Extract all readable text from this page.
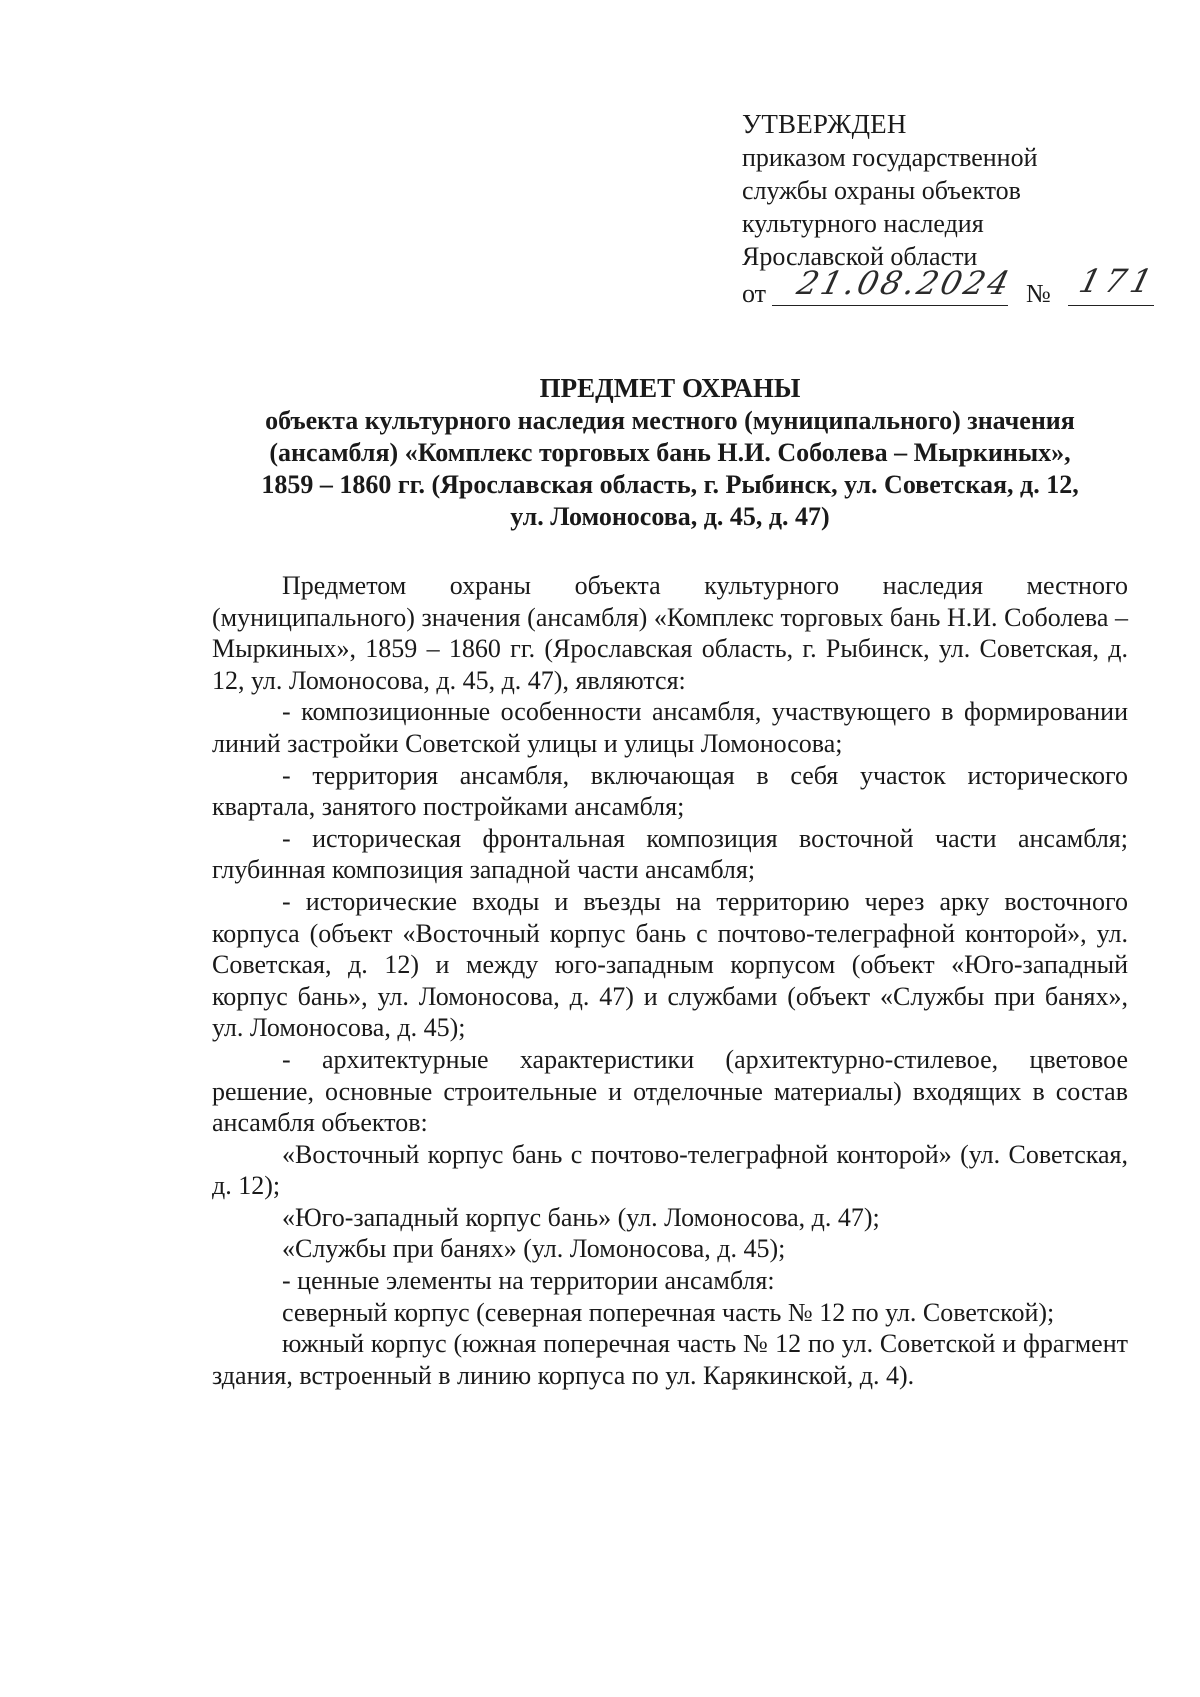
УТВЕРЖДЕН
приказом государственной
службы охраны объектов
культурного наследия
Ярославской области
от 21.08.2024 № 171
ПРЕДМЕТ ОХРАНЫ
объекта культурного наследия местного (муниципального) значения
(ансамбля) «Комплекс торговых бань Н.И. Соболева – Мыркиных»,
1859 – 1860 гг. (Ярославская область, г. Рыбинск, ул. Советская, д. 12,
ул. Ломоносова, д. 45, д. 47)

Предметом охраны объекта культурного наследия местного (муниципального) значения (ансамбля) «Комплекс торговых бань Н.И. Соболева – Мыркиных», 1859 – 1860 гг. (Ярославская область, г. Рыбинск, ул. Советская, д. 12, ул. Ломоносова, д. 45, д. 47), являются:

- композиционные особенности ансамбля, участвующего в формировании линий застройки Советской улицы и улицы Ломоносова;

- территория ансамбля, включающая в себя участок исторического квартала, занятого постройками ансамбля;

- историческая фронтальная композиция восточной части ансамбля; глубинная композиция западной части ансамбля;

- исторические входы и въезды на территорию через арку восточного корпуса (объект «Восточный корпус бань с почтово-телеграфной конторой», ул. Советская, д. 12) и между юго-западным корпусом (объект «Юго-западный корпус бань», ул. Ломоносова, д. 47) и службами (объект «Службы при банях», ул. Ломоносова, д. 45);

- архитектурные характеристики (архитектурно-стилевое, цветовое решение, основные строительные и отделочные материалы) входящих в состав ансамбля объектов:

«Восточный корпус бань с почтово-телеграфной конторой» (ул. Советская, д. 12);

«Юго-западный корпус бань» (ул. Ломоносова, д. 47);

«Службы при банях» (ул. Ломоносова, д. 45);

- ценные элементы на территории ансамбля:

северный корпус (северная поперечная часть № 12 по ул. Советской);

южный корпус (южная поперечная часть № 12 по ул. Советской и фрагмент здания, встроенный в линию корпуса по ул. Карякинской, д. 4).
